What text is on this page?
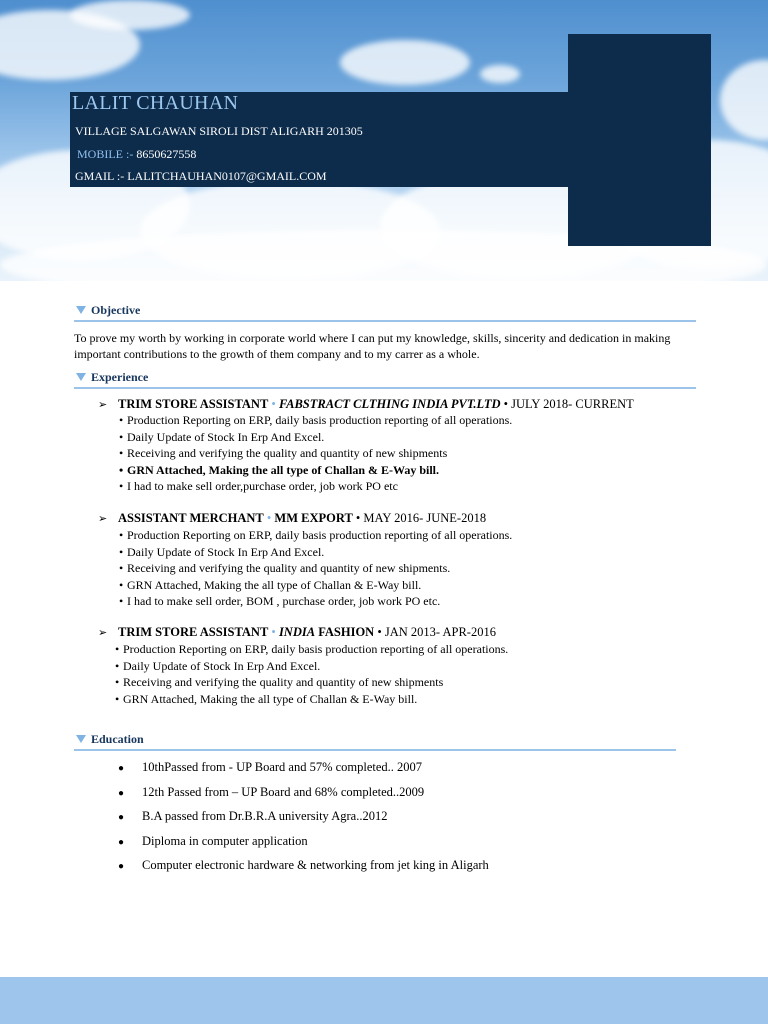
LALIT CHAUHAN
VILLAGE SALGAWAN SIROLI DIST ALIGARH 201305
MOBILE :- 8650627558
GMAIL :- LALITCHAUHAN0107@GMAIL.COM
Objective

To prove my worth by working in corporate world where I can put my knowledge, skills, sincerity and dedication in making important contributions to the growth of them company and to my carrer as a whole.

Experience
➢ TRIM STORE ASSISTANT • FABSTRACT CLTHING INDIA PVT.LTD • JULY 2018- CURRENT
• Production Reporting on ERP, daily basis production reporting of all operations.
• Daily Update of Stock In Erp And Excel.
• Receiving and verifying the quality and quantity of new shipments
• GRN Attached, Making the all type of Challan & E-Way bill.
• I had to make sell order,purchase order, job work PO etc
➢ ASSISTANT MERCHANT • MM EXPORT • MAY 2016- JUNE-2018
• Production Reporting on ERP, daily basis production reporting of all operations.
• Daily Update of Stock In Erp And Excel.
• Receiving and verifying the quality and quantity of new shipments.
• GRN Attached, Making the all type of Challan & E-Way bill.
• I had to make sell order, BOM , purchase order, job work PO etc.
➢ TRIM STORE ASSISTANT • INDIA FASHION • JAN 2013- APR-2016
• Production Reporting on ERP, daily basis production reporting of all operations.
• Daily Update of Stock In Erp And Excel.
• Receiving and verifying the quality and quantity of new shipments
• GRN Attached, Making the all type of Challan & E-Way bill.
Education
● 10thPassed from - UP Board and 57% completed.. 2007
● 12th Passed from – UP Board and 68% completed..2009
● B.A passed from Dr.B.R.A university Agra..2012
● Diploma in computer application
● Computer electronic hardware & networking from jet king in Aligarh
